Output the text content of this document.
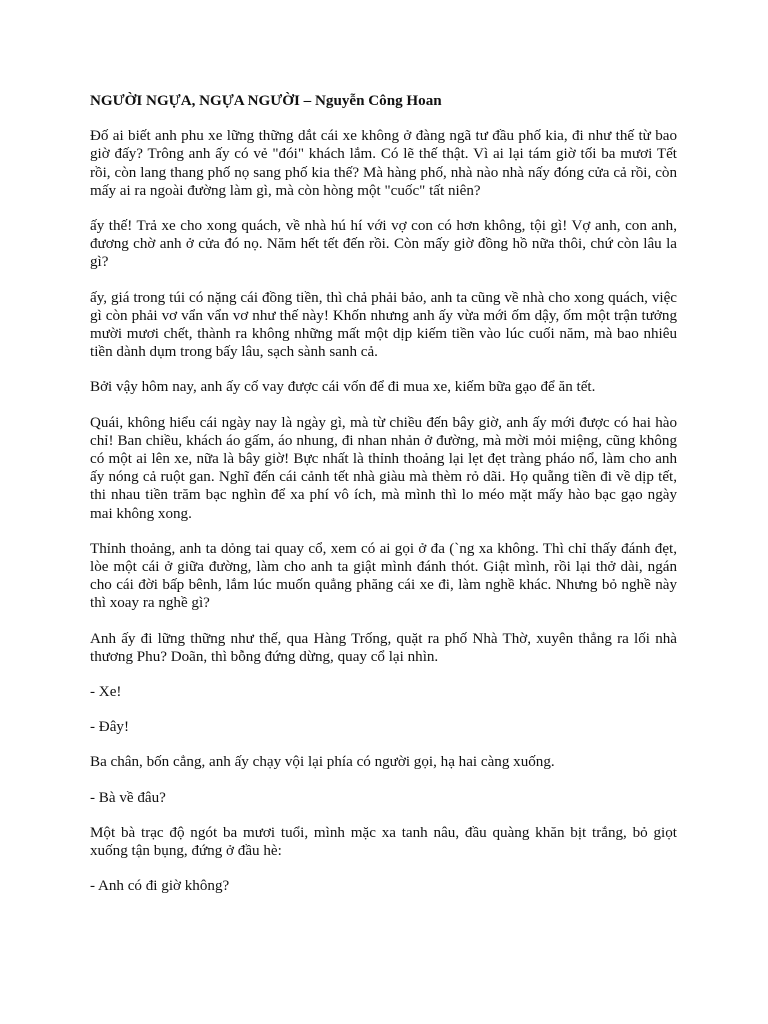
NGƯỜI NGỰA, NGỰA NGƯỜI – Nguyễn Công Hoan
Đố ai biết anh phu xe lững thững dắt cái xe không ở đàng ngã tư đầu phố kia, đi như thế từ bao giờ đấy? Trông anh ấy có vẻ "đói" khách lắm. Có lẽ thế thật. Vì ai lại tám giờ tối ba mươi Tết rồi, còn lang thang phố nọ sang phố kia thế? Mà hàng phố, nhà nào nhà nấy đóng cửa cả rồi, còn mấy ai ra ngoài đường làm gì, mà còn hòng một "cuốc" tất niên?
ấy thế! Trả xe cho xong quách, về nhà hú hí với vợ con có hơn không, tội gì! Vợ anh, con anh, đương chờ anh ở cửa đó nọ. Năm hết tết đến rồi. Còn mấy giờ đồng hồ nữa thôi, chứ còn lâu la gì?
ấy, giá trong túi có nặng cái đồng tiền, thì chả phải bảo, anh ta cũng về nhà cho xong quách, việc gì còn phải vơ vẩn vẩn vơ như thế này! Khốn nhưng anh ấy vừa mới ốm dậy, ốm một trận tưởng mười mươi chết, thành ra không những mất một dịp kiếm tiền vào lúc cuối năm, mà bao nhiêu tiền dành dụm trong bấy lâu, sạch sành sanh cả.
Bởi vậy hôm nay, anh ấy cố vay được cái vốn để đi mua xe, kiếm bữa gạo để ăn tết.
Quái, không hiểu cái ngày nay là ngày gì, mà từ chiều đến bây giờ, anh ấy mới được có hai hào chỉ! Ban chiều, khách áo gấm, áo nhung, đi nhan nhản ở đường, mà mời mỏi miệng, cũng không có một ai lên xe, nữa là bây giờ! Bực nhất là thỉnh thoảng lại lẹt đẹt tràng pháo nổ, làm cho anh ấy nóng cả ruột gan. Nghĩ đến cái cảnh tết nhà giàu mà thèm rỏ dãi. Họ quẵng tiền đi về dịp tết, thi nhau tiền trăm bạc nghìn để xa phí vô ích, mà mình thì lo méo mặt mấy hào bạc gạo ngày mai không xong.
Thỉnh thoảng, anh ta dỏng tai quay cổ, xem có ai gọi ở đa (`ng xa không. Thì chỉ thấy đánh đẹt, lòe một cái ở giữa đường, làm cho anh ta giật mình đánh thót. Giật mình, rồi lại thở dài, ngán cho cái đời bấp bênh, lắm lúc muốn quẳng phăng cái xe đi, làm nghề khác. Nhưng bỏ nghề này thì xoay ra nghề gì?
Anh ấy đi lững thững như thế, qua Hàng Trống, quặt ra phố Nhà Thờ, xuyên thẳng ra lối nhà thương Phu? Doãn, thì bỗng đứng dừng, quay cổ lại nhìn.
- Xe!
- Đây!
Ba chân, bốn cẳng, anh ấy chạy vội lại phía có người gọi, hạ hai càng xuống.
- Bà về đâu?
Một bà trạc độ ngót ba mươi tuổi, mình mặc xa tanh nâu, đầu quàng khăn bịt trắng, bỏ giọt xuống tận bụng, đứng ở đầu hè:
- Anh có đi giờ không?
